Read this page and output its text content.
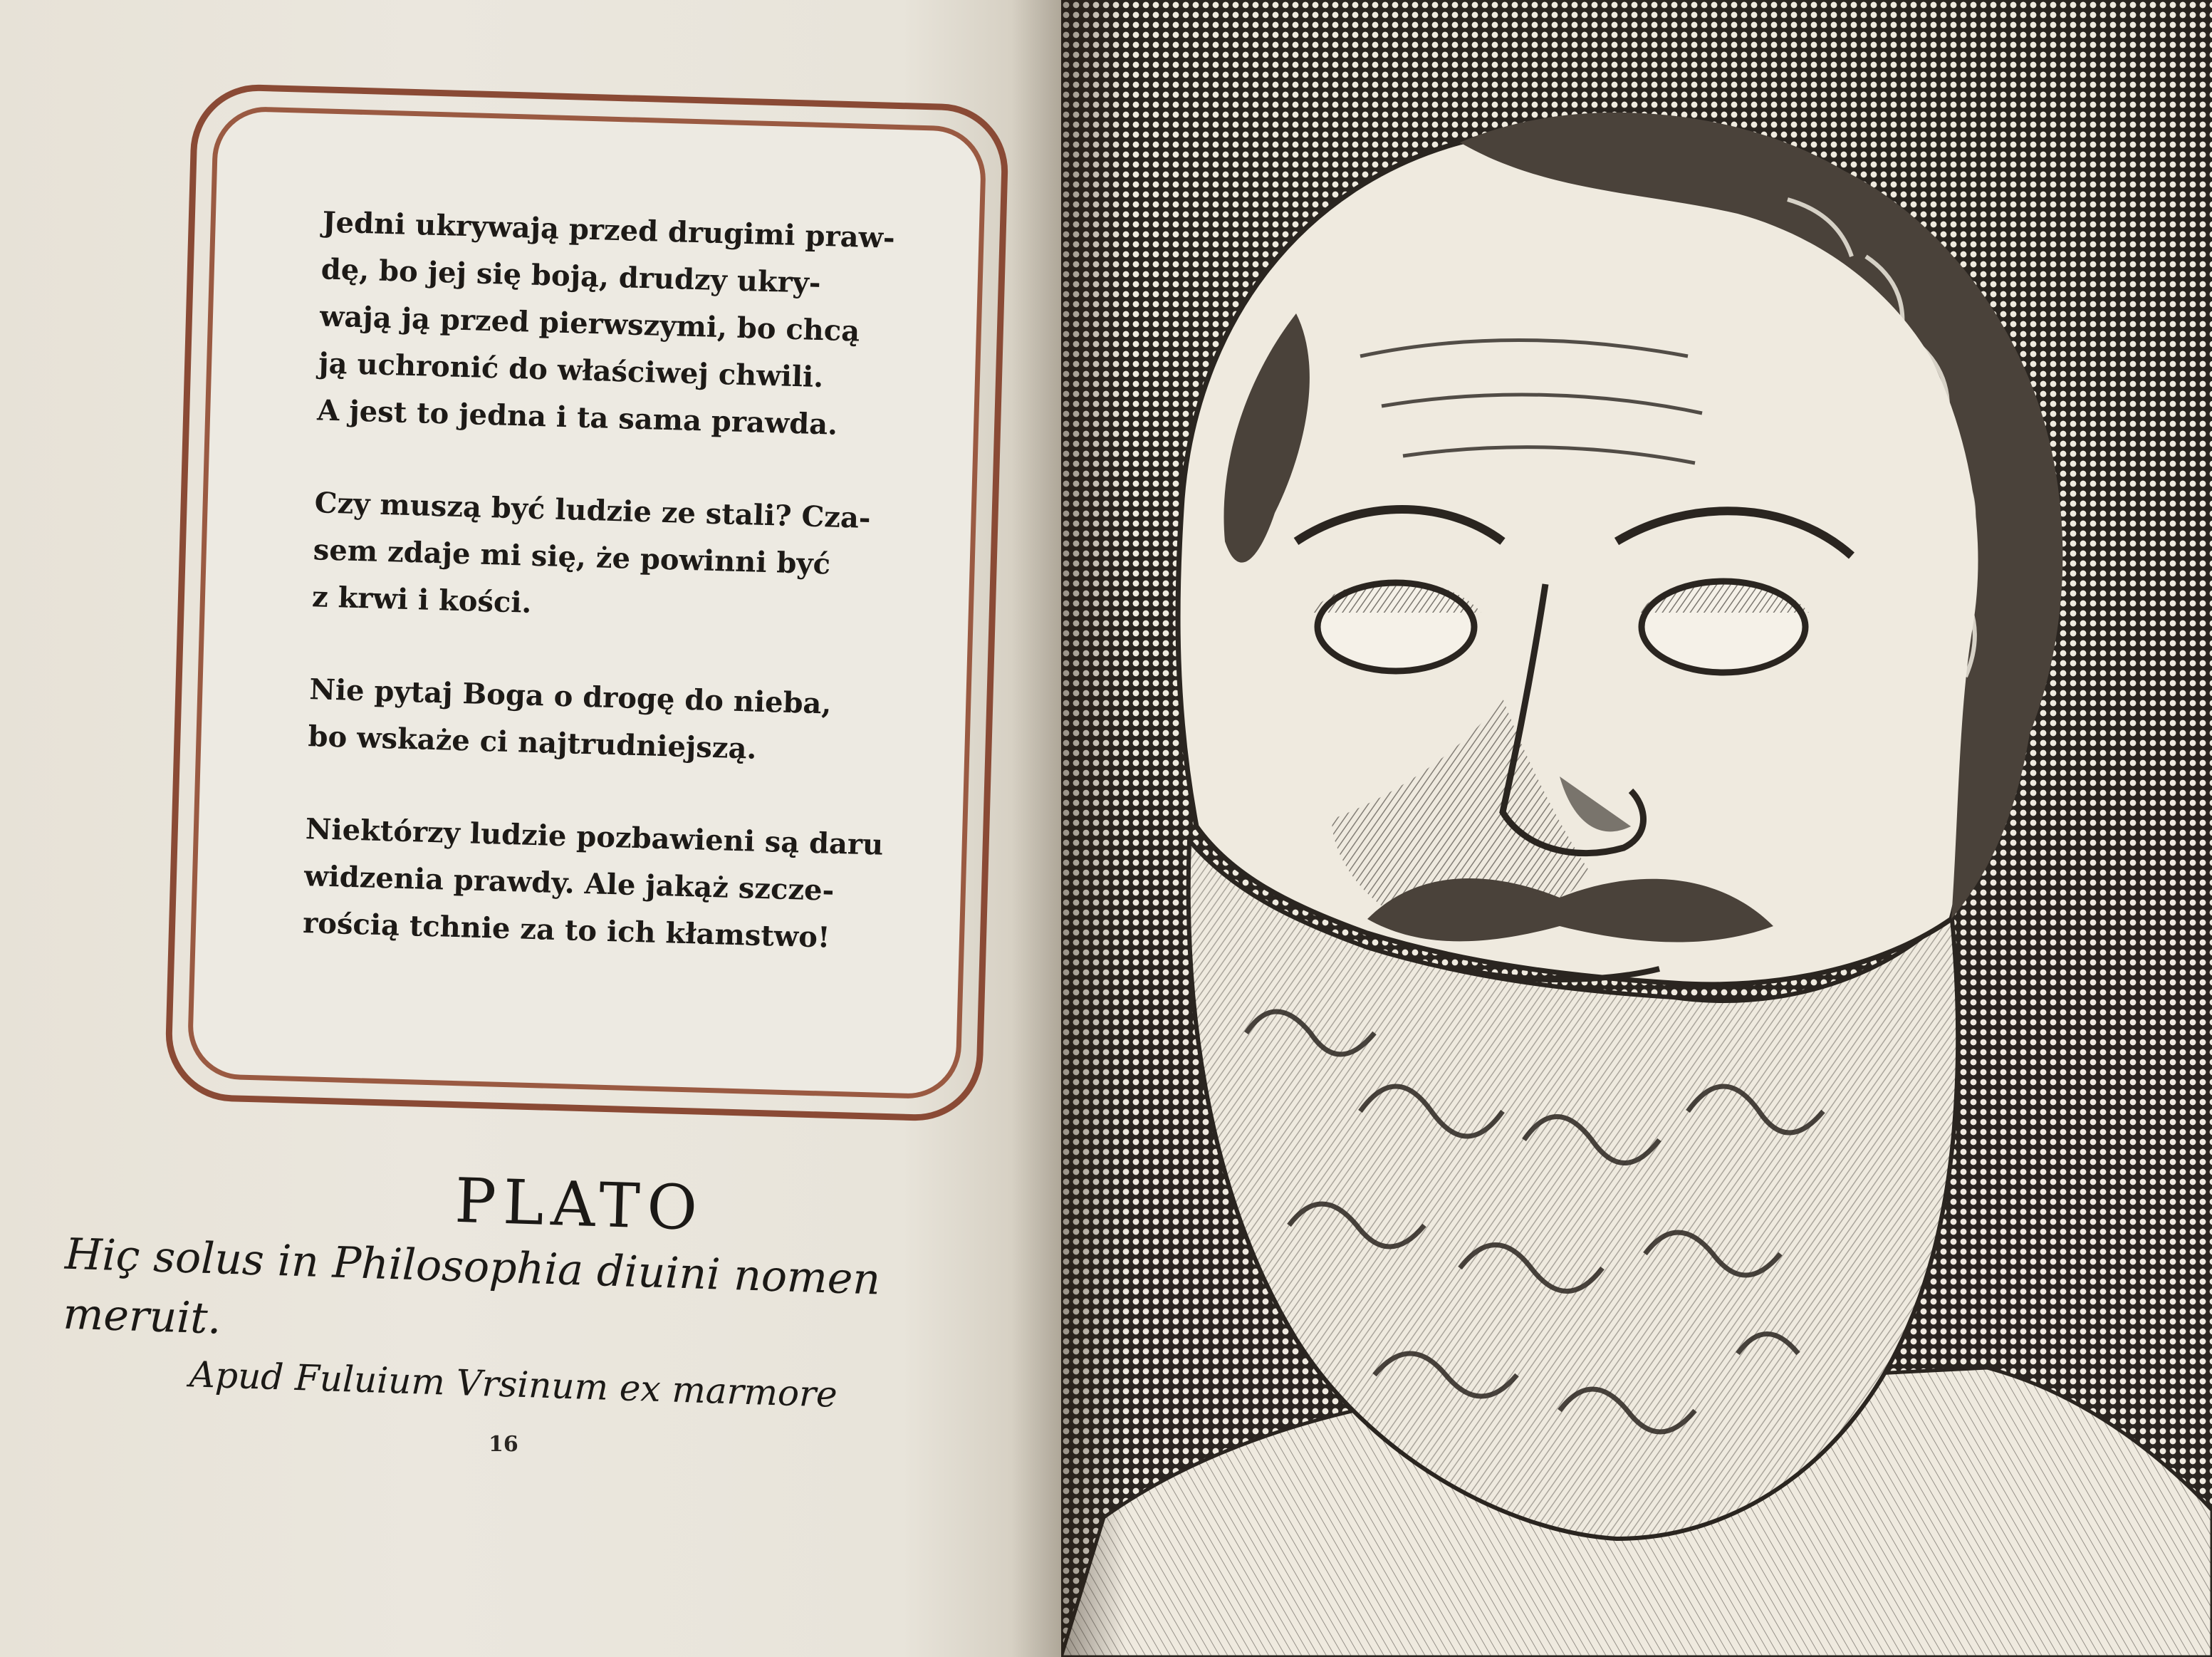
Jedni ukrywają przed drugimi praw-
dę, bo jej się boją, drudzy ukry-
wają ją przed pierwszymi, bo chcą
ją uchronić do właściwej chwili.
A jest to jedna i ta sama prawda.

Czy muszą być ludzie ze stali? Cza-
sem zdaje mi się, że powinni być
z krwi i kości.

Nie pytaj Boga o drogę do nieba,
bo wskaże ci najtrudniejszą.

Niektórzy ludzie pozbawieni są daru
widzenia prawdy. Ale jakąż szcze-
rością tchnie za to ich kłamstwo!

PLATO
Hiç solus in Philosophia diuini nomen meruit.
Apud Fuluium Vrsinum ex marmore
16
